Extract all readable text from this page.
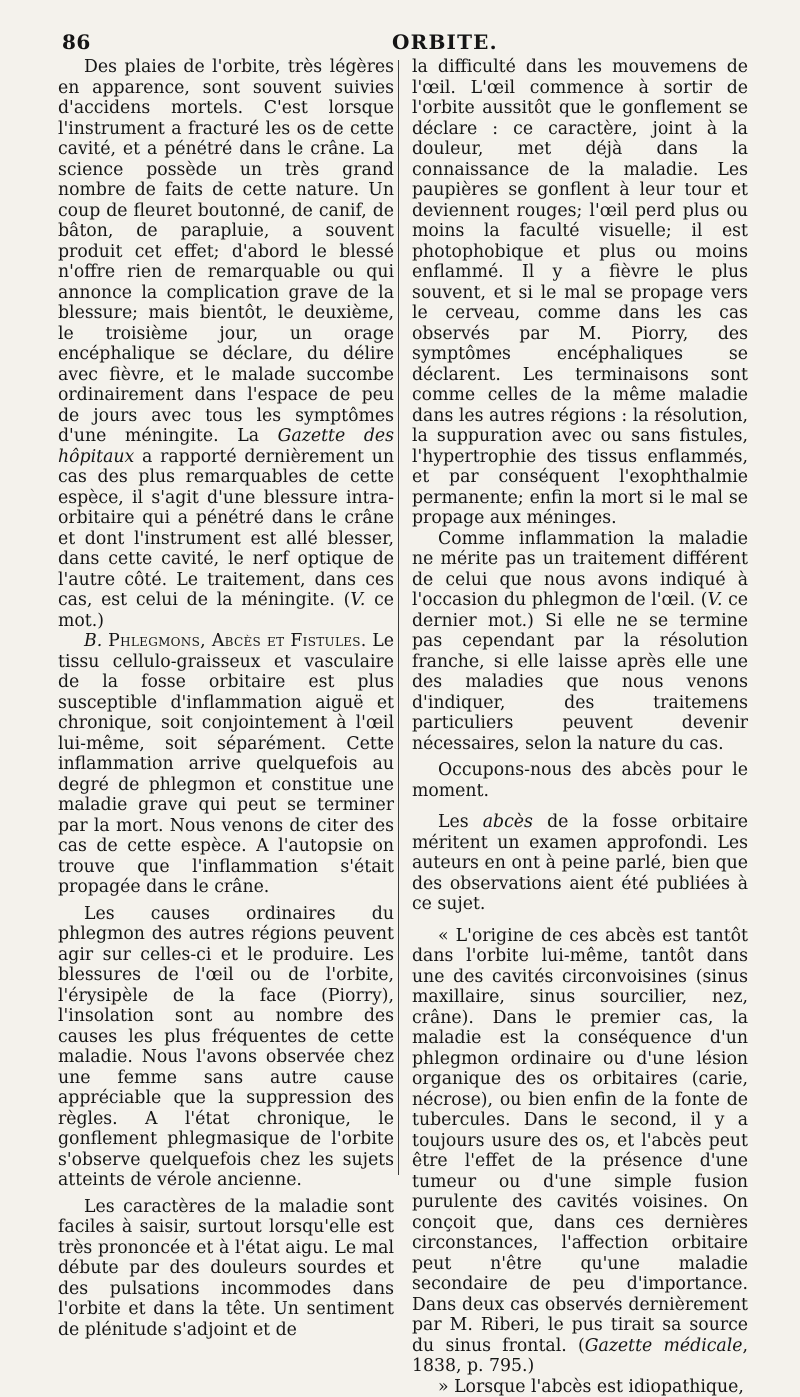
86	ORBITE.

Des plaies de l'orbite, très légères en apparence, sont souvent suivies d'accidens mortels. C'est lorsque l'instrument a fracturé les os de cette cavité, et a pénétré dans le crâne. La science possède un très grand nombre de faits de cette nature. Un coup de fleuret boutonné, de canif, de bâton, de parapluie, a souvent produit cet effet; d'abord le blessé n'offre rien de remarquable ou qui annonce la complication grave de la blessure; mais bientôt, le deuxième, le troisième jour, un orage encéphalique se déclare, du délire avec fièvre, et le malade succombe ordinairement dans l'espace de peu de jours avec tous les symptômes d'une méningite. La Gazette des hôpitaux a rapporté dernièrement un cas des plus remarquables de cette espèce, il s'agit d'une blessure intra-orbitaire qui a pénétré dans le crâne et dont l'instrument est allé blesser, dans cette cavité, le nerf optique de l'autre côté. Le traitement, dans ces cas, est celui de la méningite. (V. ce mot.)

B. Phlegmons, Abcès et Fistules. Le tissu cellulo-graisseux et vasculaire de la fosse orbitaire est plus susceptible d'inflammation aiguë et chronique, soit conjointement à l'œil lui-même, soit séparément. Cette inflammation arrive quelquefois au degré de phlegmon et constitue une maladie grave qui peut se terminer par la mort. Nous venons de citer des cas de cette espèce. A l'autopsie on trouve que l'inflammation s'était propagée dans le crâne.

Les causes ordinaires du phlegmon des autres régions peuvent agir sur celles-ci et le produire. Les blessures de l'œil ou de l'orbite, l'érysipèle de la face (Piorry), l'insolation sont au nombre des causes les plus fréquentes de cette maladie. Nous l'avons observée chez une femme sans autre cause appréciable que la suppression des règles. A l'état chronique, le gonflement phlegmasique de l'orbite s'observe quelquefois chez les sujets atteints de vérole ancienne.

Les caractères de la maladie sont faciles à saisir, surtout lorsqu'elle est très prononcée et à l'état aigu. Le mal débute par des douleurs sourdes et des pulsations incommodes dans l'orbite et dans la tête. Un sentiment de plénitude s'adjoint et de

la difficulté dans les mouvemens de l'œil. L'œil commence à sortir de l'orbite aussitôt que le gonflement se déclare : ce caractère, joint à la douleur, met déjà dans la connaissance de la maladie. Les paupières se gonflent à leur tour et deviennent rouges; l'œil perd plus ou moins la faculté visuelle; il est photophobique et plus ou moins enflammé. Il y a fièvre le plus souvent, et si le mal se propage vers le cerveau, comme dans les cas observés par M. Piorry, des symptômes encéphaliques se déclarent. Les terminaisons sont comme celles de la même maladie dans les autres régions : la résolution, la suppuration avec ou sans fistules, l'hypertrophie des tissus enflammés, et par conséquent l'exophthalmie permanente; enfin la mort si le mal se propage aux méninges.

Comme inflammation la maladie ne mérite pas un traitement différent de celui que nous avons indiqué à l'occasion du phlegmon de l'œil. (V. ce dernier mot.) Si elle ne se termine pas cependant par la résolution franche, si elle laisse après elle une des maladies que nous venons d'indiquer, des traitemens particuliers peuvent devenir nécessaires, selon la nature du cas.

Occupons-nous des abcès pour le moment.

Les abcès de la fosse orbitaire méritent un examen approfondi. Les auteurs en ont à peine parlé, bien que des observations aient été publiées à ce sujet.

« L'origine de ces abcès est tantôt dans l'orbite lui-même, tantôt dans une des cavités circonvoisines (sinus maxillaire, sinus sourcilier, nez, crâne). Dans le premier cas, la maladie est la conséquence d'un phlegmon ordinaire ou d'une lésion organique des os orbitaires (carie, nécrose), ou bien enfin de la fonte de tubercules. Dans le second, il y a toujours usure des os, et l'abcès peut être l'effet de la présence d'une tumeur ou d'une simple fusion purulente des cavités voisines. On conçoit que, dans ces dernières circonstances, l'affection orbitaire peut n'être qu'une maladie secondaire de peu d'importance. Dans deux cas observés dernièrement par M. Riberi, le pus tirait sa source du sinus frontal. (Gazette médicale, 1838, p. 795.)

» Lorsque l'abcès est idiopathique,
